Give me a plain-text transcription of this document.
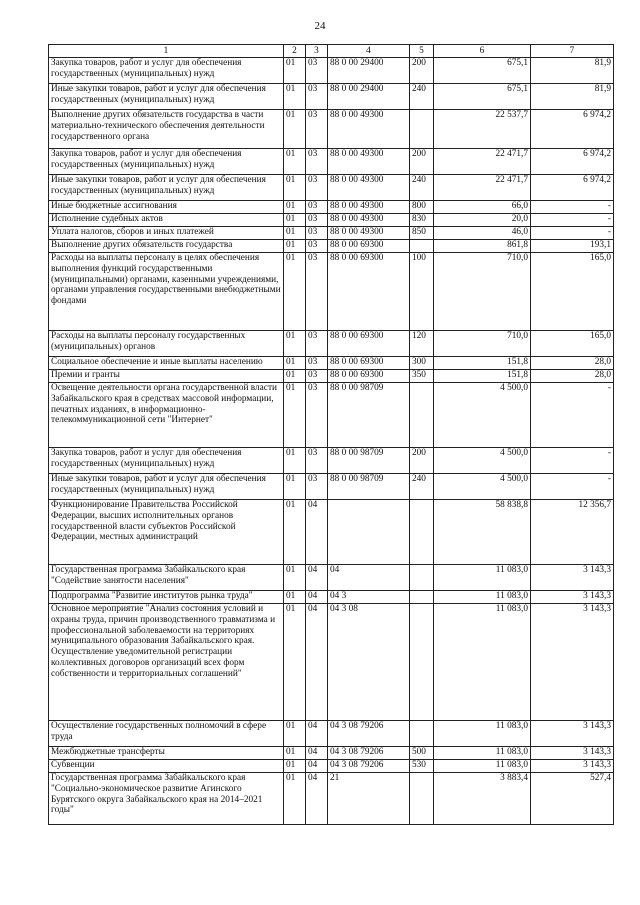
24
1	2	3	4	5	6	7
Закупка товаров, работ и услуг для обеспечения государственных (муниципальных) нужд	01	03	88 0 00 29400	200	675,1	81,9
Иные закупки товаров, работ и услуг для обеспечения государственных (муниципальных) нужд	01	03	88 0 00 29400	240	675,1	81,9
Выполнение других обязательств государства в части материально-технического обеспечения деятельности государственного органа	01	03	88 0 00 49300		22 537,7	6 974,2
Закупка товаров, работ и услуг для обеспечения государственных (муниципальных) нужд	01	03	88 0 00 49300	200	22 471,7	6 974,2
Иные закупки товаров, работ и услуг для обеспечения государственных (муниципальных) нужд	01	03	88 0 00 49300	240	22 471,7	6 974,2
Иные бюджетные ассигнования	01	03	88 0 00 49300	800	66,0	-
Исполнение судебных актов	01	03	88 0 00 49300	830	20,0	-
Уплата налогов, сборов и иных платежей	01	03	88 0 00 49300	850	46,0	-
Выполнение других обязательств государства	01	03	88 0 00 69300		861,8	193,1
Расходы на выплаты персоналу в целях обеспечения выполнения функций государственными (муниципальными) органами, казенными учреждениями, органами управления государственными внебюджетными фондами	01	03	88 0 00 69300	100	710,0	165,0
Расходы на выплаты персоналу государственных (муниципальных) органов	01	03	88 0 00 69300	120	710,0	165,0
Социальное обеспечение и иные выплаты населению	01	03	88 0 00 69300	300	151,8	28,0
Премии и гранты	01	03	88 0 00 69300	350	151,8	28,0
Освещение деятельности органа государственной власти Забайкальского края в средствах массовой информации, печатных изданиях, в информационно-телекоммуникационной сети "Интернет"	01	03	88 0 00 98709		4 500,0	-
Закупка товаров, работ и услуг для обеспечения государственных (муниципальных) нужд	01	03	88 0 00 98709	200	4 500,0	-
Иные закупки товаров, работ и услуг для обеспечения государственных (муниципальных) нужд	01	03	88 0 00 98709	240	4 500,0	-
Функционирование Правительства Российской Федерации, высших исполнительных органов государственной власти субъектов Российской Федерации, местных администраций	01	04			58 838,8	12 356,7
Государственная программа Забайкальского края "Содействие занятости населения"	01	04	04		11 083,0	3 143,3
Подпрограмма "Развитие институтов рынка труда"	01	04	04 3		11 083,0	3 143,3
Основное мероприятие "Анализ состояния условий и охраны труда, причин производственного травматизма и профессиональной заболеваемости на территориях муниципального образования Забайкальского края. Осуществление уведомительной регистрации коллективных договоров организаций всех форм собственности и территориальных соглашений"	01	04	04 3 08		11 083,0	3 143,3
Осуществление государственных полномочий в сфере труда	01	04	04 3 08 79206		11 083,0	3 143,3
Межбюджетные трансферты	01	04	04 3 08 79206	500	11 083,0	3 143,3
Субвенции	01	04	04 3 08 79206	530	11 083,0	3 143,3
Государственная программа Забайкальского края "Социально-экономическое развитие Агинского Бурятского округа Забайкальского края на 2014–2021 годы"	01	04	21		3 883,4	527,4
